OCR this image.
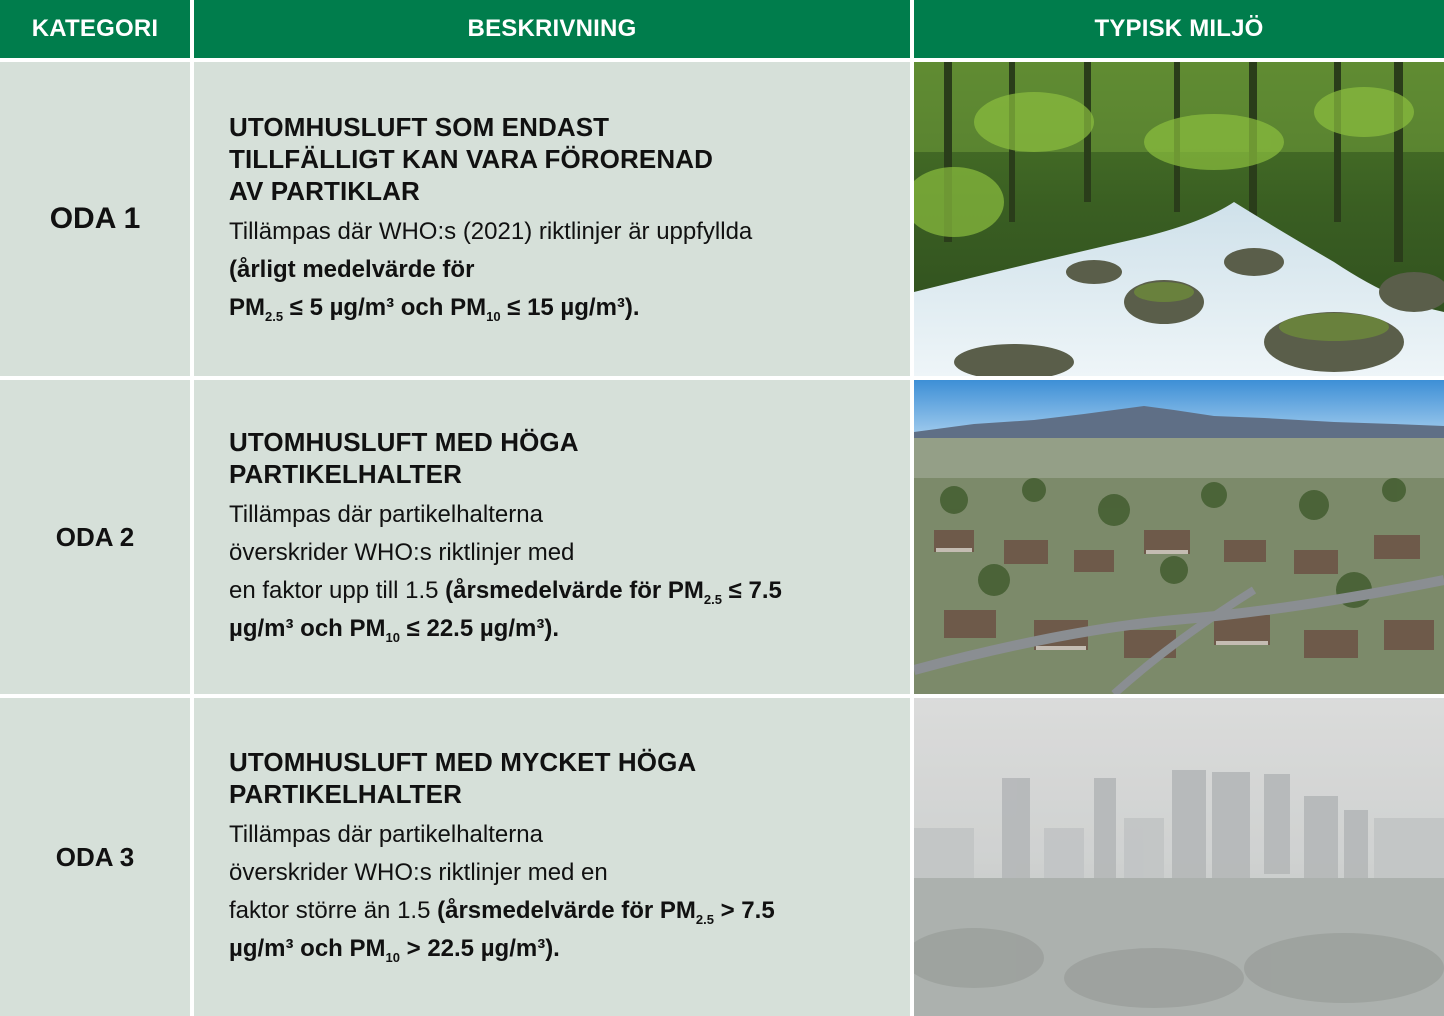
KATEGORI	BESKRIVNING	TYPISK MILJÖ
ODA 1
UTOMHUSLUFT SOM ENDAST
TILLFÄLLIGT KAN VARA FÖRORENAD
AV PARTIKLAR

Tillämpas där WHO:s (2021) riktlinjer är uppfyllda
(årligt medelvärde för
$PM_{2.5} \le 5$ µg/m³ och $PM_{10} \le 15$ µg/m³).

ODA 2
UTOMHUSLUFT MED HÖGA
PARTIKELHALTER

Tillämpas där partikelhalterna
överskrider WHO:s riktlinjer med
en faktor upp till 1.5 (årsmedelvärde för $PM_{2.5} \le 7.5$
µg/m³ och $PM_{10} \le 22.5$ µg/m³).

ODA 3
UTOMHUSLUFT MED MYCKET HÖGA
PARTIKELHALTER

Tillämpas där partikelhalterna
överskrider WHO:s riktlinjer med en
faktor större än 1.5 (årsmedelvärde för $PM_{2.5} > 7.5$
µg/m³ och $PM_{10} > 22.5$ µg/m³).
